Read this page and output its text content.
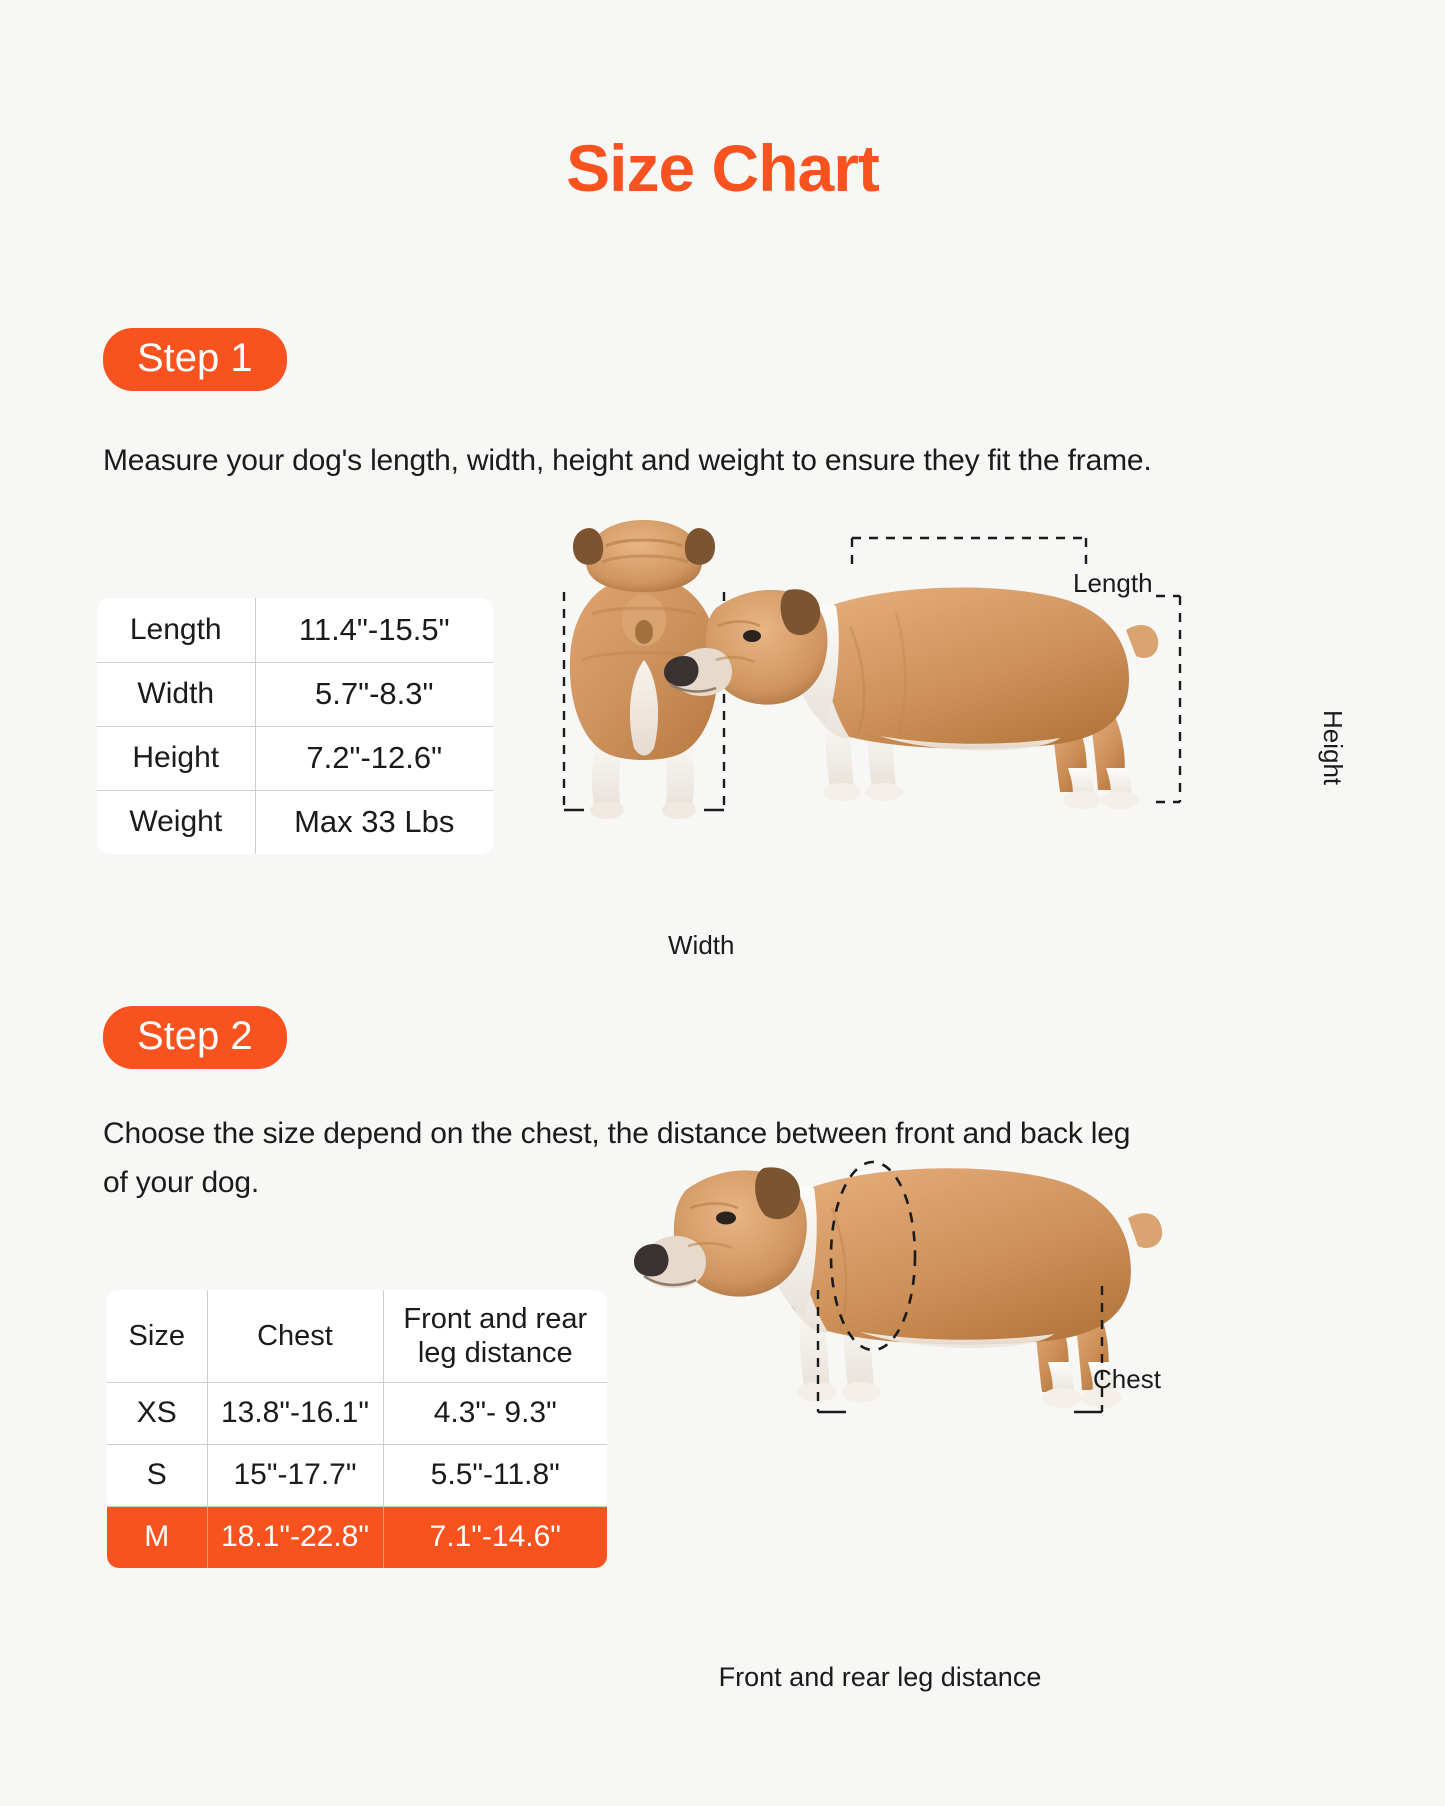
Size Chart
Step 1
Measure your dog's length, width, height and weight to ensure they fit the frame.
Length	11.4"-15.5"
Width	5.7"-8.3"
Height	7.2"-12.6"
Weight	Max 33 Lbs
Length
Height
Width
Step 2
Choose the size depend on the chest, the distance between front and back leg of your dog.
Size	Chest	Front and rear
leg distance
XS	13.8"-16.1"	4.3"- 9.3"
S	15"-17.7"	5.5"-11.8"
M	18.1"-22.8"	7.1"-14.6"
Chest
Front and rear leg distance
